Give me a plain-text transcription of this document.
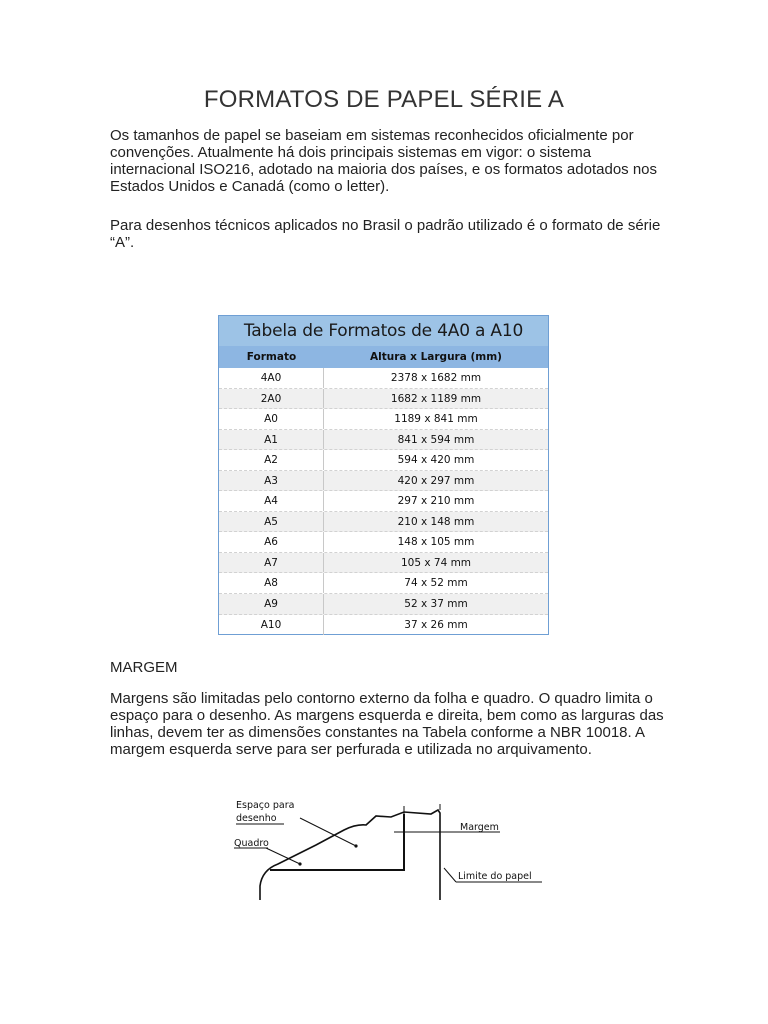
FORMATOS DE PAPEL SÉRIE A
Os tamanhos de papel se baseiam em sistemas reconhecidos oficialmente por convenções. Atualmente há dois principais sistemas em vigor: o sistema internacional ISO216, adotado na maioria dos países, e os formatos adotados nos Estados Unidos e Canadá (como o letter).
Para desenhos técnicos aplicados no Brasil o padrão utilizado é o formato de série “A”.
Tabela de Formatos de 4A0 a A10
Formato	Altura x Largura (mm)
4A0	2378 x 1682 mm
2A0	1682 x 1189 mm
A0	1189 x 841 mm
A1	841 x 594 mm
A2	594 x 420 mm
A3	420 x 297 mm
A4	297 x 210 mm
A5	210 x 148 mm
A6	148 x 105 mm
A7	105 x 74 mm
A8	74 x 52 mm
A9	52 x 37 mm
A10	37 x 26 mm
MARGEM
Margens são limitadas pelo contorno externo da folha e quadro. O quadro limita o espaço para o desenho. As margens esquerda e direita, bem como as larguras das linhas, devem ter as dimensões constantes na Tabela conforme a NBR 10018. A margem esquerda serve para ser perfurada e utilizada no arquivamento.
Espaço para
desenho
Quadro
Margem
Limite do papel
